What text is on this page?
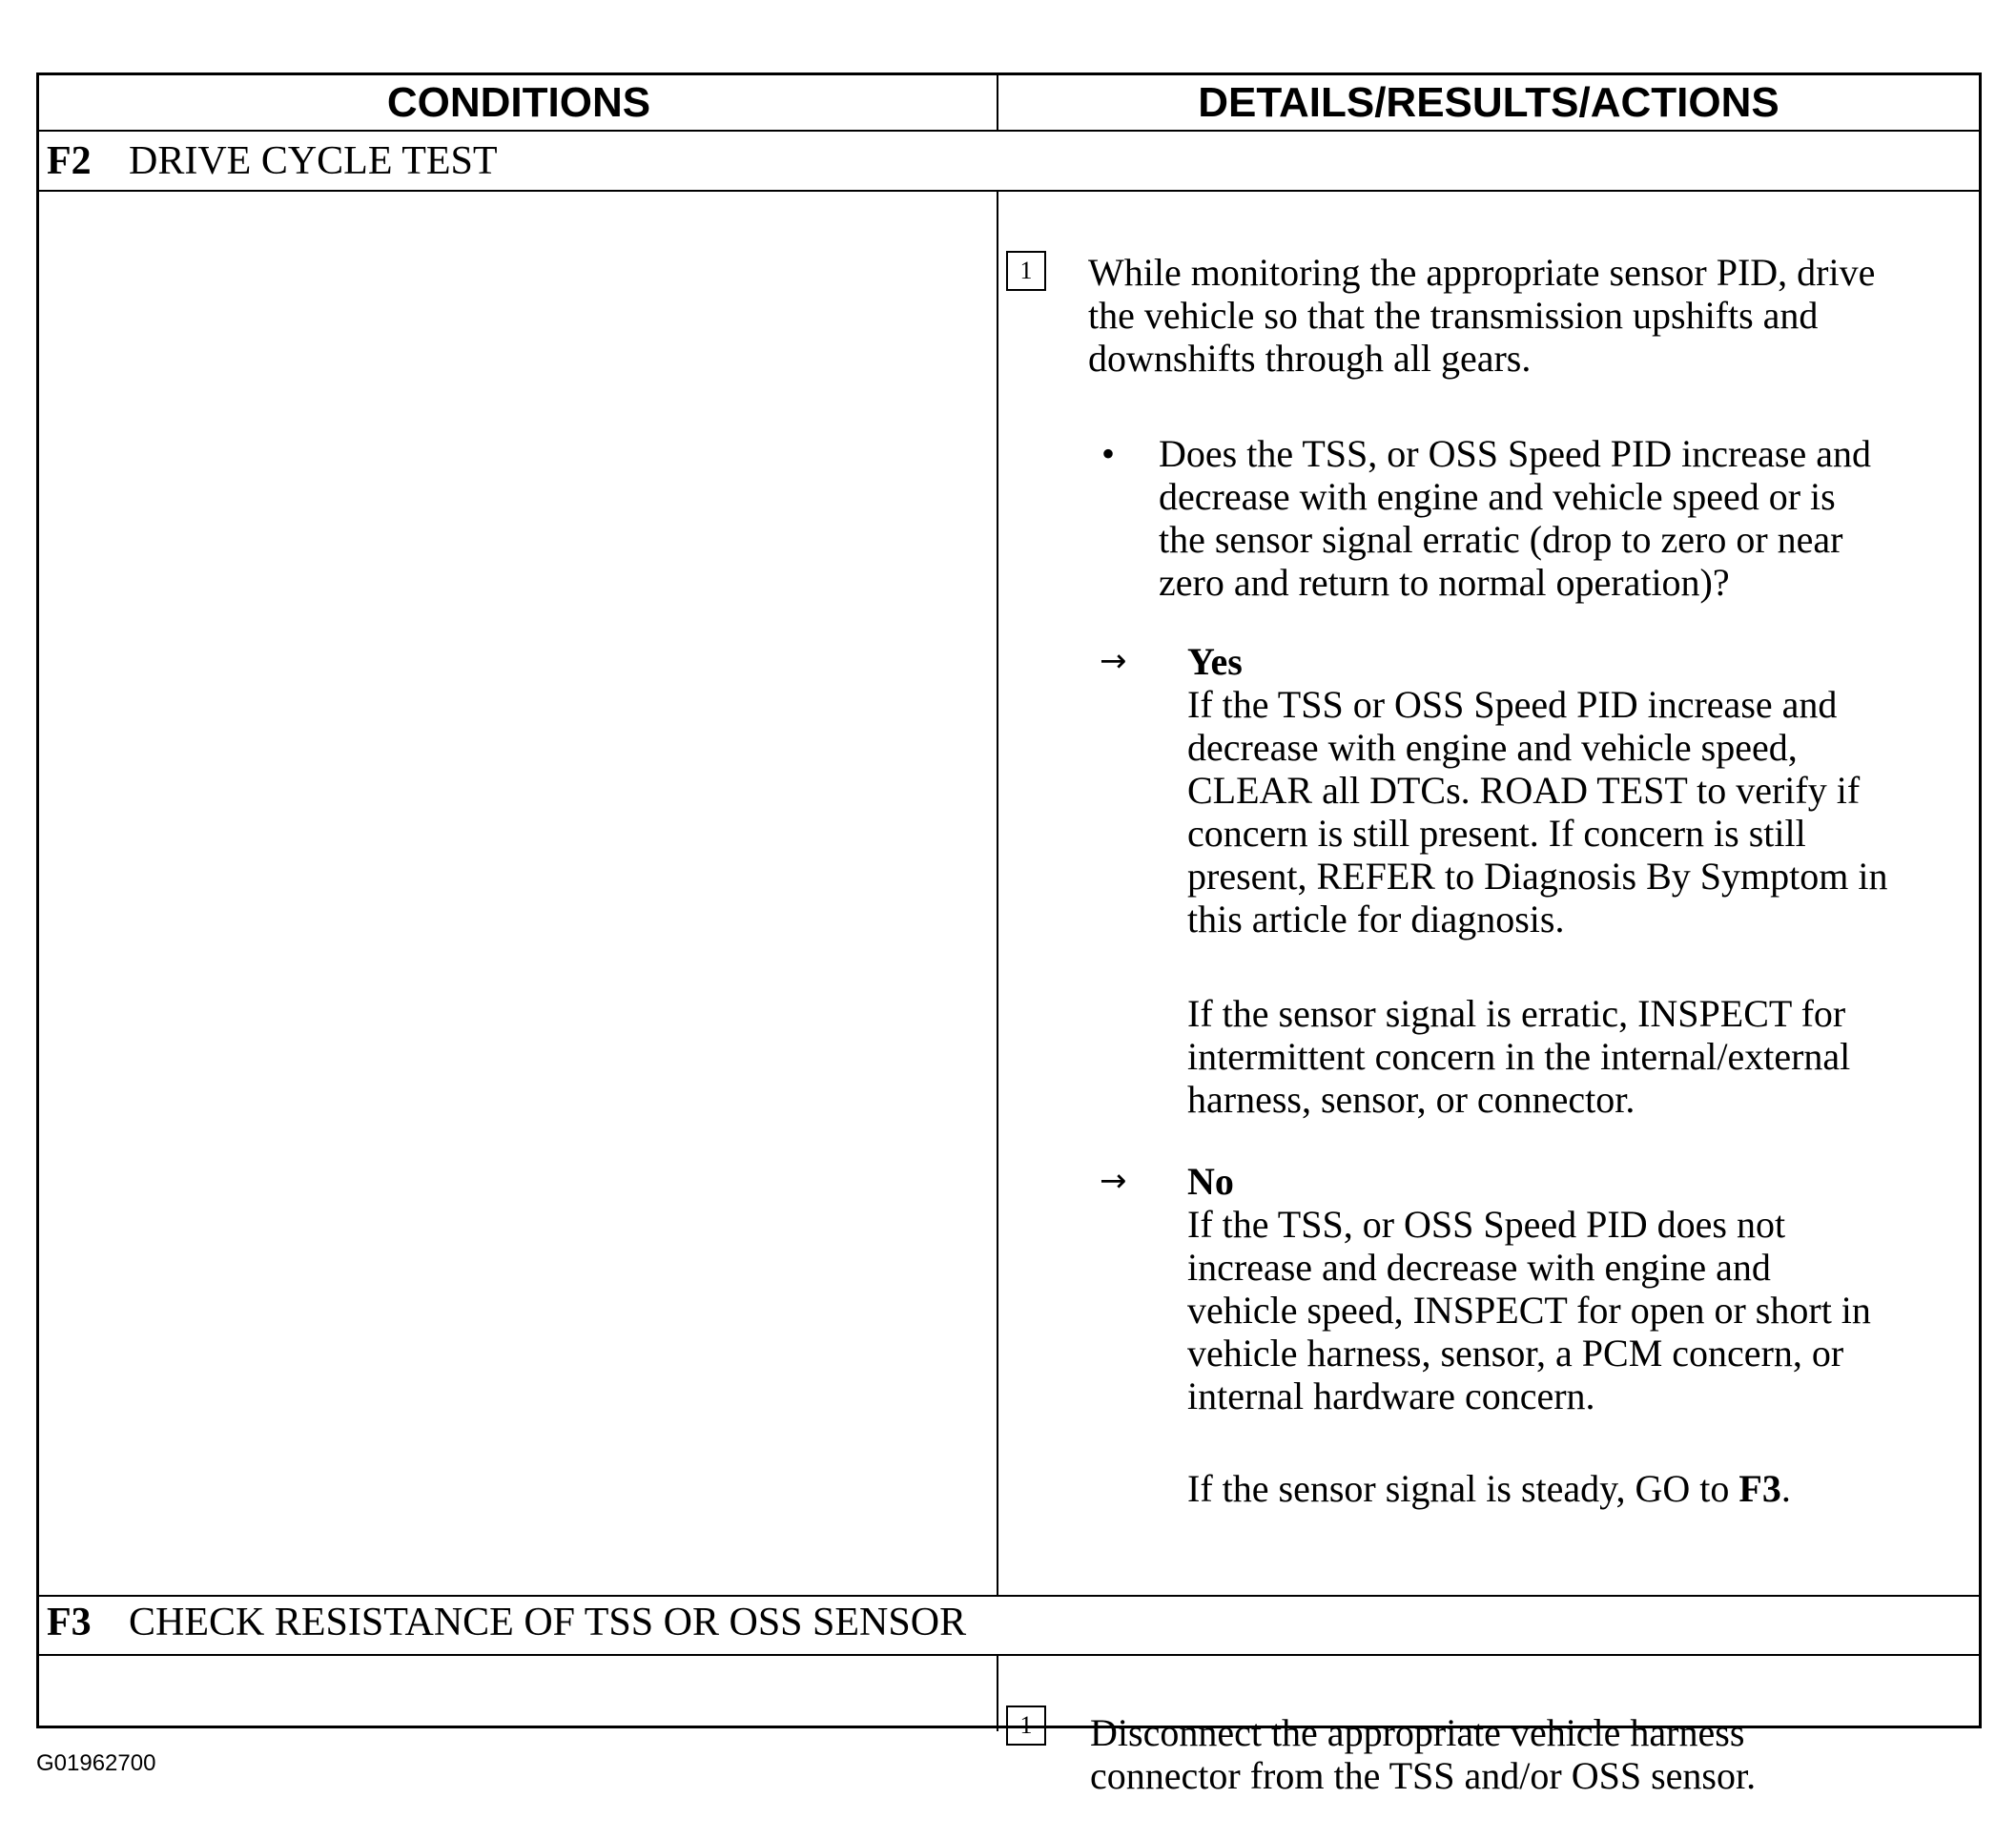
CONDITIONS	DETAILS/RESULTS/ACTIONS
F2 DRIVE CYCLE TEST
1	While monitoring the appropriate sensor PID, drive
the vehicle so that the transmission upshifts and
downshifts through all gears.
• Does the TSS, or OSS Speed PID increase and
decrease with engine and vehicle speed or is
the sensor signal erratic (drop to zero or near
zero and return to normal operation)?
→ Yes
If the TSS or OSS Speed PID increase and
decrease with engine and vehicle speed,
CLEAR all DTCs. ROAD TEST to verify if
concern is still present. If concern is still
present, REFER to Diagnosis By Symptom in
this article for diagnosis.
If the sensor signal is erratic, INSPECT for
intermittent concern in the internal/external
harness, sensor, or connector.
→ No
If the TSS, or OSS Speed PID does not
increase and decrease with engine and
vehicle speed, INSPECT for open or short in
vehicle harness, sensor, a PCM concern, or
internal hardware concern.
If the sensor signal is steady, GO to F3.
F3 CHECK RESISTANCE OF TSS OR OSS SENSOR
1	Disconnect the appropriate vehicle harness
connector from the TSS and/or OSS sensor.
G01962700
